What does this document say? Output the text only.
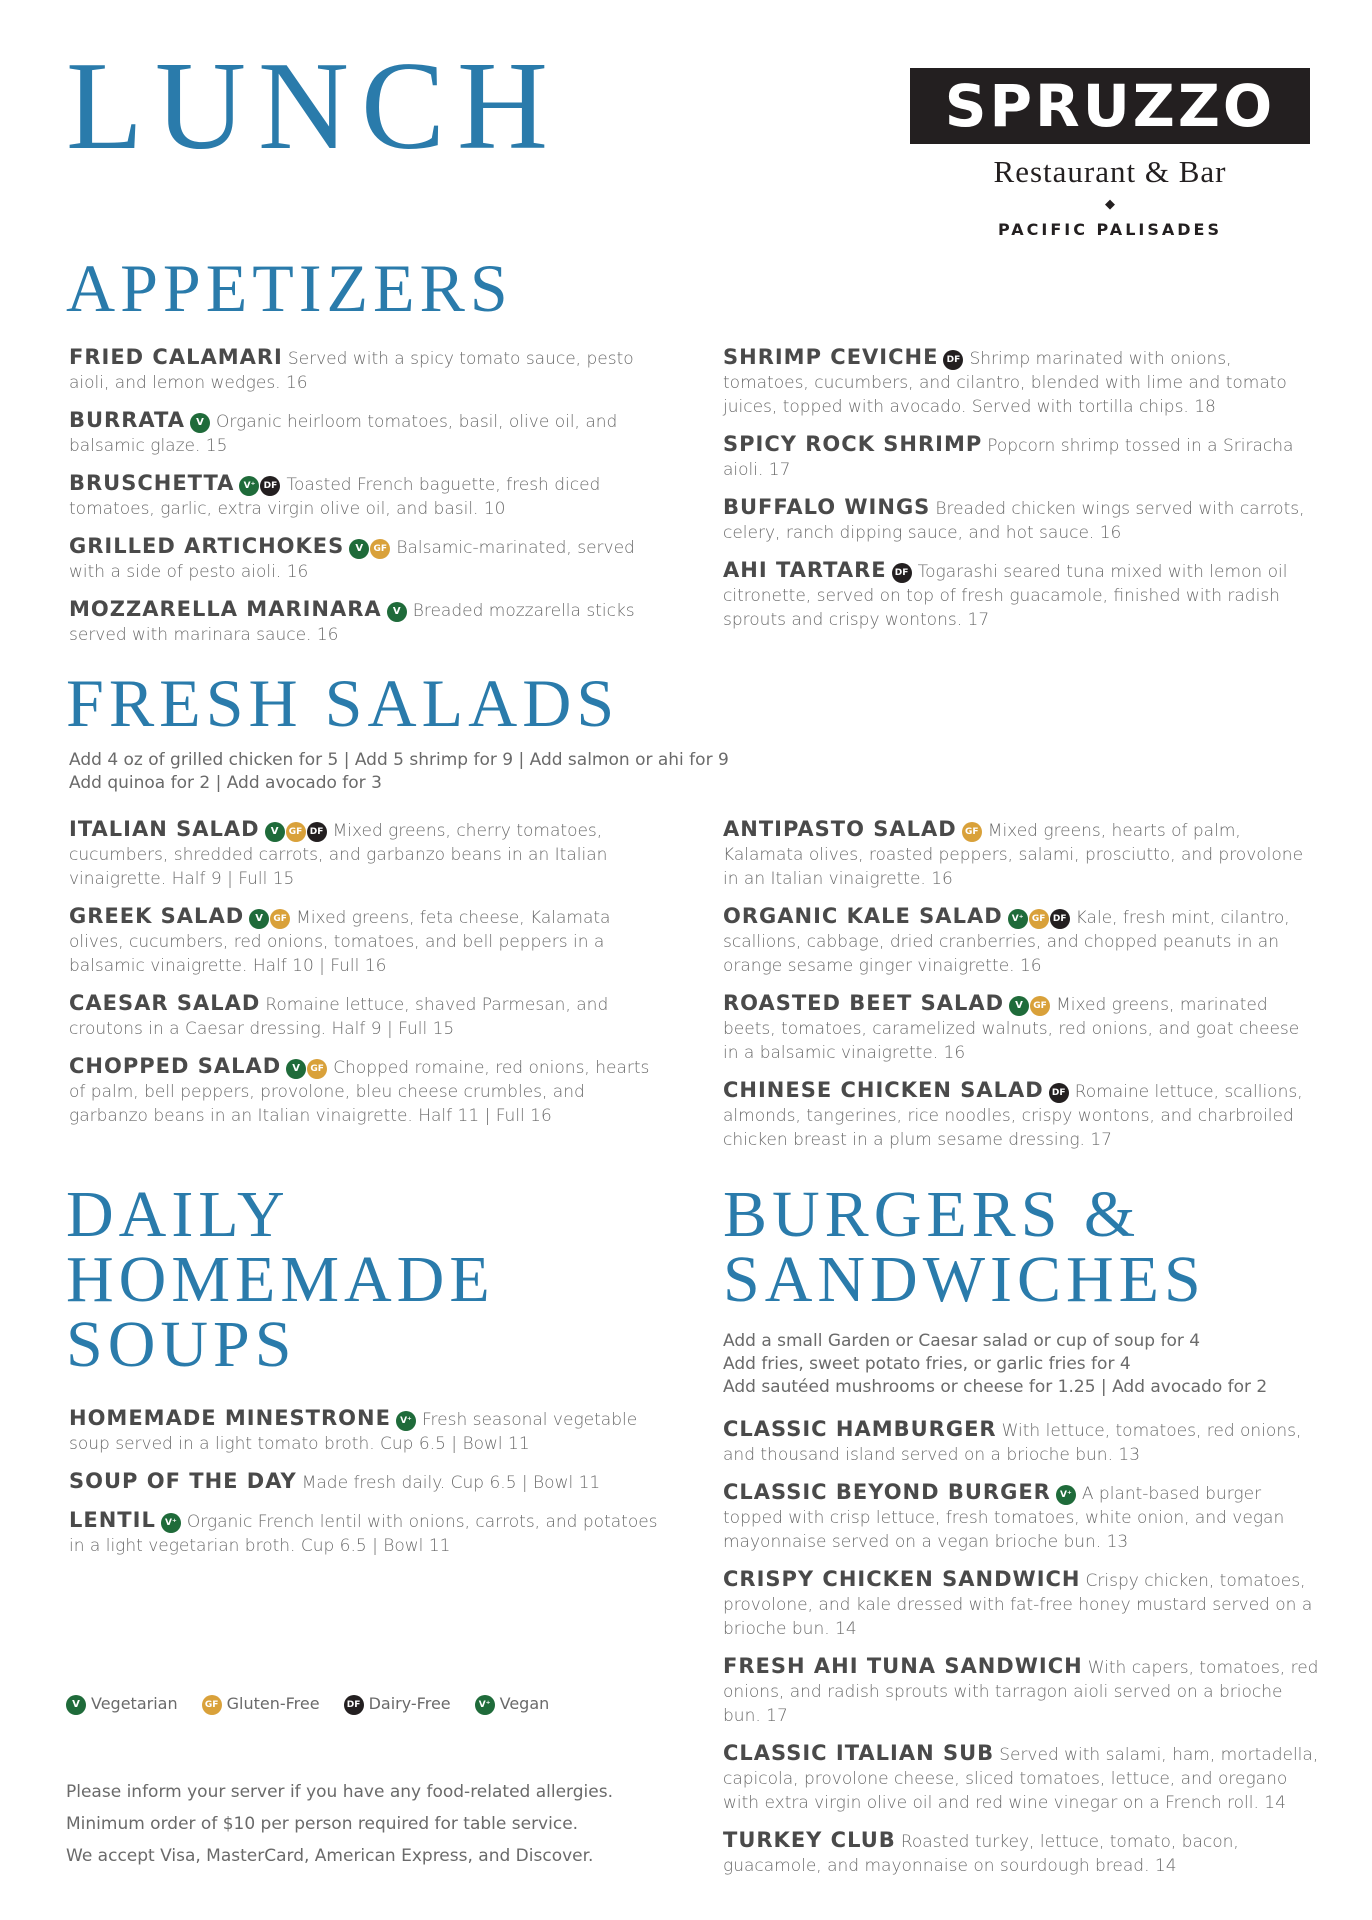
LUNCH	SPRUZZO
Restaurant & Bar
◆
PACIFIC PALISADES
APPETIZERS
FRIED CALAMARI Served with a spicy tomato sauce, pesto aioli, and lemon wedges. 16
BURRATA V Organic heirloom tomatoes, basil, olive oil, and balsamic glaze. 15
BRUSCHETTA V⁺ DF Toasted French baguette, fresh diced tomatoes, garlic, extra virgin olive oil, and basil. 10
GRILLED ARTICHOKES V GF Balsamic-marinated, served with a side of pesto aioli. 16
MOZZARELLA MARINARA V Breaded mozzarella sticks served with marinara sauce. 16
SHRIMP CEVICHE DF Shrimp marinated with onions, tomatoes, cucumbers, and cilantro, blended with lime and tomato juices, topped with avocado. Served with tortilla chips. 18
SPICY ROCK SHRIMP Popcorn shrimp tossed in a Sriracha aioli. 17
BUFFALO WINGS Breaded chicken wings served with carrots, celery, ranch dipping sauce, and hot sauce. 16
AHI TARTARE DF Togarashi seared tuna mixed with lemon oil citronette, served on top of fresh guacamole, finished with radish sprouts and crispy wontons. 17
FRESH SALADS
Add 4 oz of grilled chicken for 5 | Add 5 shrimp for 9 | Add salmon or ahi for 9
Add quinoa for 2 | Add avocado for 3
ITALIAN SALAD V GF DF Mixed greens, cherry tomatoes, cucumbers, shredded carrots, and garbanzo beans in an Italian vinaigrette. Half 9 | Full 15
GREEK SALAD V GF Mixed greens, feta cheese, Kalamata olives, cucumbers, red onions, tomatoes, and bell peppers in a balsamic vinaigrette. Half 10 | Full 16
CAESAR SALAD Romaine lettuce, shaved Parmesan, and croutons in a Caesar dressing. Half 9 | Full 15
CHOPPED SALAD V GF Chopped romaine, red onions, hearts of palm, bell peppers, provolone, bleu cheese crumbles, and garbanzo beans in an Italian vinaigrette. Half 11 | Full 16
ANTIPASTO SALAD GF Mixed greens, hearts of palm, Kalamata olives, roasted peppers, salami, prosciutto, and provolone in an Italian vinaigrette. 16
ORGANIC KALE SALAD V⁺ GF DF Kale, fresh mint, cilantro, scallions, cabbage, dried cranberries, and chopped peanuts in an orange sesame ginger vinaigrette. 16
ROASTED BEET SALAD V GF Mixed greens, marinated beets, tomatoes, caramelized walnuts, red onions, and goat cheese in a balsamic vinaigrette. 16
CHINESE CHICKEN SALAD DF Romaine lettuce, scallions, almonds, tangerines, rice noodles, crispy wontons, and charbroiled chicken breast in a plum sesame dressing. 17
DAILY
HOMEMADE
SOUPS
HOMEMADE MINESTRONE V⁺ Fresh seasonal vegetable soup served in a light tomato broth. Cup 6.5 | Bowl 11
SOUP OF THE DAY Made fresh daily. Cup 6.5 | Bowl 11
LENTIL V⁺ Organic French lentil with onions, carrots, and potatoes in a light vegetarian broth. Cup 6.5 | Bowl 11
BURGERS &
SANDWICHES
Add a small Garden or Caesar salad or cup of soup for 4
Add fries, sweet potato fries, or garlic fries for 4
Add sautéed mushrooms or cheese for 1.25 | Add avocado for 2
CLASSIC HAMBURGER With lettuce, tomatoes, red onions, and thousand island served on a brioche bun. 13
CLASSIC BEYOND BURGER V⁺ A plant-based burger topped with crisp lettuce, fresh tomatoes, white onion, and vegan mayonnaise served on a vegan brioche bun. 13
CRISPY CHICKEN SANDWICH Crispy chicken, tomatoes, provolone, and kale dressed with fat-free honey mustard served on a brioche bun. 14
FRESH AHI TUNA SANDWICH With capers, tomatoes, red onions, and radish sprouts with tarragon aioli served on a brioche bun. 17
CLASSIC ITALIAN SUB Served with salami, ham, mortadella, capicola, provolone cheese, sliced tomatoes, lettuce, and oregano with extra virgin olive oil and red wine vinegar on a French roll. 14
TURKEY CLUB Roasted turkey, lettuce, tomato, bacon, guacamole, and mayonnaise on sourdough bread. 14
V Vegetarian	GF Gluten-Free	DF Dairy-Free	V⁺ Vegan
Please inform your server if you have any food-related allergies.
Minimum order of $10 per person required for table service.
We accept Visa, MasterCard, American Express, and Discover.
